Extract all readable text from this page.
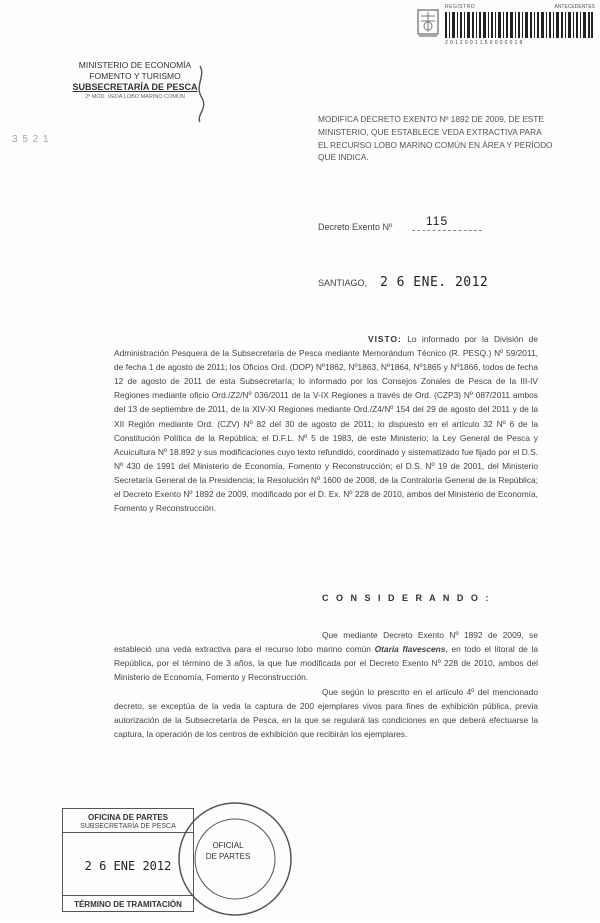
REGISTRO	ANTECEDENTES
2 0 1 2 0 0 1 1 5 0 0 0 0 0 1 8
MINISTERIO DE ECONOMÍA
FOMENTO Y TURISMO
SUBSECRETARÍA DE PESCA
2ª MOD. VEDA LOBO MARINO COMÚN
3 5 2 1
MODIFICA DECRETO EXENTO Nº 1892 DE 2009, DE ESTE MINISTERIO, QUE ESTABLECE VEDA EXTRACTIVA PARA EL RECURSO LOBO MARINO COMÚN EN ÁREA Y PERÍODO QUE INDICA.
Decreto Exento Nº	115
SANTIAGO, 2 6 ENE. 2012
VISTO: Lo informado por la División de Administración Pesquera de la Subsecretaría de Pesca mediante Memorándum Técnico (R. PESQ.) Nº 59/2011, de fecha 1 de agosto de 2011; los Oficios Ord. (DOP) Nº1862, Nº1863, Nº1864, Nº1865 y Nº1866, todos de fecha 12 de agosto de 2011 de esta Subsecretaría; lo informado por los Consejos Zonales de Pesca de la III-IV Regiones mediante oficio Ord./Z2/Nº 036/2011 de la V-IX Regiones a través de Ord. (CZP3) Nº 087/2011 ambos del 13 de septiembre de 2011, de la XIV-XI Regiones mediante Ord./Z4/Nº 154 del 29 de agosto del 2011 y de la XII Región mediante Ord. (CZV) Nº 82 del 30 de agosto de 2011; lo dispuesto en el artículo 32 Nº 6 de la Constitución Política de la República; el D.F.L. Nº 5 de 1983, de este Ministerio; la Ley General de Pesca y Acuicultura Nº 18.892 y sus modificaciones cuyo texto refundido, coordinado y sistematizado fue fijado por el D.S. Nº 430 de 1991 del Ministerio de Economía, Fomento y Reconstrucción; el D.S. Nº 19 de 2001, del Ministerio Secretaría General de la Presidencia; la Resolución Nº 1600 de 2008, de la Contraloría General de la República; el Decreto Exento Nº 1892 de 2009, modificado por el D. Ex. Nº 228 de 2010, ambos del Ministerio de Economía, Fomento y Reconstrucción.
C O N S I D E R A N D O :
Que mediante Decreto Exento Nº 1892 de 2009, se estableció una veda extractiva para el recurso lobo marino común Otaria flavescens, en todo el litoral de la República, por el término de 3 años, la que fue modificada por el Decreto Exento Nº 228 de 2010, ambos del Ministerio de Economía, Fomento y Reconstrucción.
Que según lo prescrito en el artículo 4º del mencionado decreto, se exceptúa de la veda la captura de 200 ejemplares vivos para fines de exhibición pública, previa autorización de la Subsecretaría de Pesca, en la que se regulará las condiciones en que deberá efectuarse la captura, la operación de los centros de exhibición que recibirán los ejemplares.
OFICINA DE PARTES
SUBSECRETARÍA DE PESCA
2 6 ENE 2012
TÉRMINO DE TRAMITACIÓN
OFICIAL
DE PARTES
